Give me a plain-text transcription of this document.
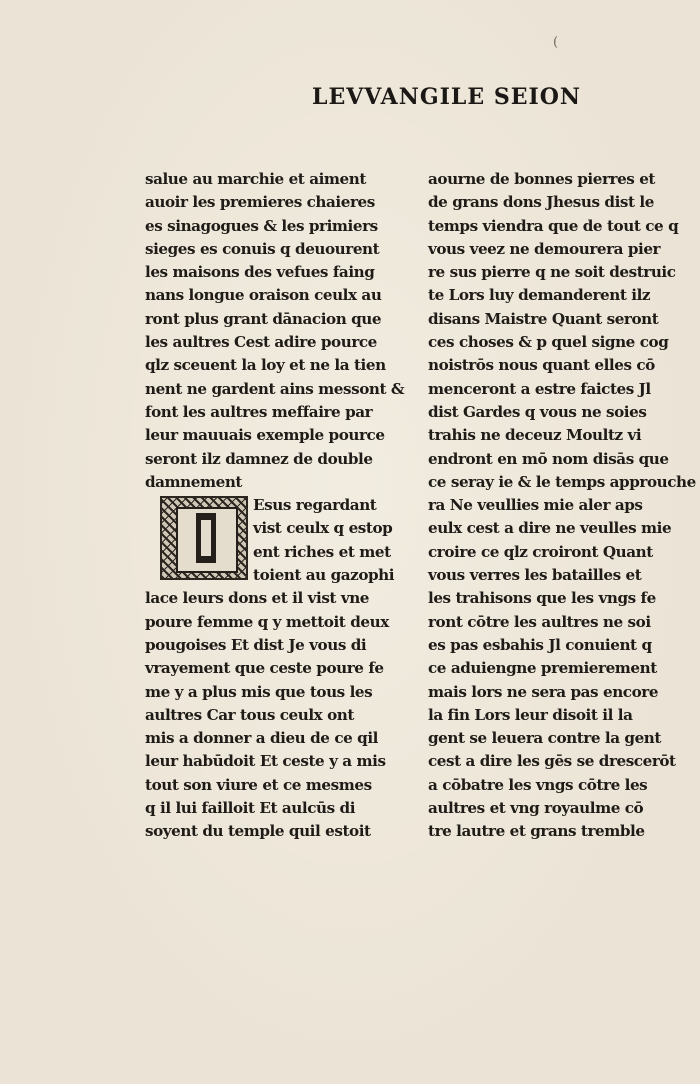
(
LEVVANGILE SEION
salue au marchie et aiment
auoir les premieres chaieres
es sinagogues & les primiers
sieges es conuis q deuourent
les maisons des vefues faing
nans longue oraison ceulx au
ront plus grant dānacion que
les aultres Cest adire pource
qlz sceuent la loy et ne la tien
nent ne gardent ains messont &
font les aultres meffaire par
leur mauuais exemple pource
seront ilz damnez de double
damnement
Esus regardant
vist ceulx q estop
ent riches et met
toient au gazophi
lace leurs dons et il vist vne
poure femme q y mettoit deux
pougoises Et dist Je vous di
vrayement que ceste poure fe
me y a plus mis que tous les
aultres Car tous ceulx ont
mis a donner a dieu de ce qil
leur habūdoit Et ceste y a mis
tout son viure et ce mesmes
q il lui failloit Et aulcūs di
soyent du temple quil estoit
aourne de bonnes pierres et
de grans dons Jhesus dist le
temps viendra que de tout ce q
vous veez ne demourera pier
re sus pierre q ne soit destruic
te Lors luy demanderent ilz
disans Maistre Quant seront
ces choses & p quel signe cog
noistrōs nous quant elles cō
menceront a estre faictes Jl
dist Gardes q vous ne soies
trahis ne deceuz Moultz vi
endront en mō nom disās que
ce seray ie & le temps approuche
ra Ne veullies mie aler aps
eulx cest a dire ne veulles mie
croire ce qlz croiront Quant
vous verres les batailles et
les trahisons que les vngs fe
ront cōtre les aultres ne soi
es pas esbahis Jl conuient q
ce aduiengne premierement
mais lors ne sera pas encore
la fin Lors leur disoit il la
gent se leuera contre la gent
cest a dire les gēs se drescerōt
a cōbatre les vngs cōtre les
aultres et vng royaulme cō
tre lautre et grans tremble
